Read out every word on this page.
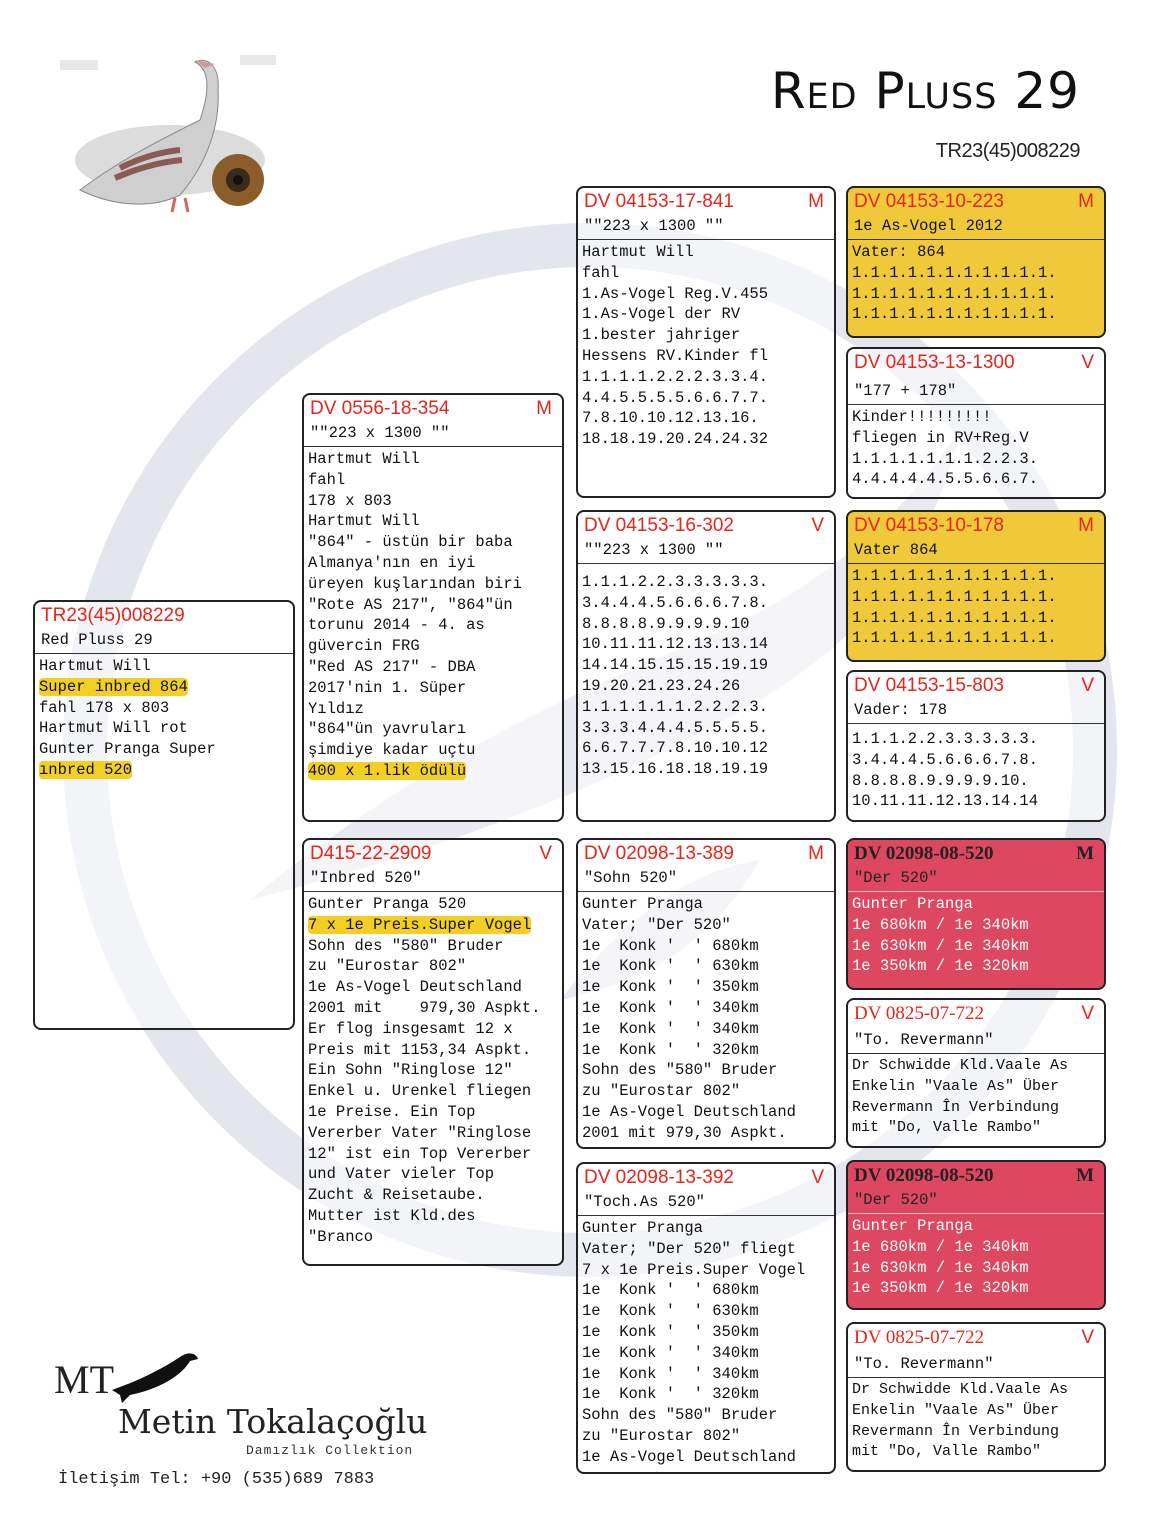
Red Pluss 29
TR23(45)008229
TR23(45)008229
Red Pluss 29
Hartmut Will
Super inbred 864
fahl 178 x 803
Hartmut Will rot
Gunter Pranga Super
ınbred 520
DV 0556-18-354	M
""223 x 1300 ""
Hartmut Will
fahl
178 x 803
Hartmut Will
"864" - üstün bir baba
Almanya'nın en iyi
üreyen kuşlarından biri
"Rote AS 217", "864"ün
torunu 2014 - 4. as
güvercin FRG
"Red AS 217" - DBA
2017'nin 1. Süper
Yıldız
"864"ün yavruları
şimdiye kadar uçtu
400 x 1.lik ödülü
D415-22-2909	V
"Inbred 520"
Gunter Pranga 520
7 x 1e Preis.Super Vogel
Sohn des "580" Bruder
zu "Eurostar 802"
1e As-Vogel Deutschland
2001 mit    979,30 Aspkt.
Er flog insgesamt 12 x
Preis mit 1153,34 Aspkt.
Ein Sohn "Ringlose 12"
Enkel u. Urenkel fliegen
1e Preise. Ein Top
Vererber Vater "Ringlose
12" ist ein Top Vererber
und Vater vieler Top
Zucht & Reisetaube.
Mutter ist Kld.des
"Branco
DV 04153-17-841	M
""223 x 1300 ""
Hartmut Will
fahl
1.As-Vogel Reg.V.455
1.As-Vogel der RV
1.bester jahriger
Hessens RV.Kinder fl
1.1.1.1.2.2.2.3.3.4.
4.4.5.5.5.5.6.6.7.7.
7.8.10.10.12.13.16.
18.18.19.20.24.24.32
DV 04153-16-302	V
""223 x 1300 ""
1.1.1.2.2.3.3.3.3.3.
3.4.4.4.5.6.6.6.7.8.
8.8.8.8.9.9.9.9.10
10.11.11.12.13.13.14
14.14.15.15.15.19.19
19.20.21.23.24.26
1.1.1.1.1.1.2.2.2.3.
3.3.3.4.4.4.5.5.5.5.
6.6.7.7.7.8.10.10.12
13.15.16.18.18.19.19
DV 02098-13-389	M
"Sohn 520"
Gunter Pranga
Vater; "Der 520"
1e  Konk '  ' 680km
1e  Konk '  ' 630km
1e  Konk '  ' 350km
1e  Konk '  ' 340km
1e  Konk '  ' 340km
1e  Konk '  ' 320km
Sohn des "580" Bruder
zu "Eurostar 802"
1e As-Vogel Deutschland
2001 mit 979,30 Aspkt.
DV 02098-13-392	V
"Toch.As 520"
Gunter Pranga
Vater; "Der 520" fliegt
7 x 1e Preis.Super Vogel
1e  Konk '  ' 680km
1e  Konk '  ' 630km
1e  Konk '  ' 350km
1e  Konk '  ' 340km
1e  Konk '  ' 340km
1e  Konk '  ' 320km
Sohn des "580" Bruder
zu "Eurostar 802"
1e As-Vogel Deutschland
DV 04153-10-223	M
1e As-Vogel 2012
Vater: 864
1.1.1.1.1.1.1.1.1.1.1.
1.1.1.1.1.1.1.1.1.1.1.
1.1.1.1.1.1.1.1.1.1.1.
DV 04153-13-1300	V
"177 + 178"
Kinder!!!!!!!!!
fliegen in RV+Reg.V
1.1.1.1.1.1.1.2.2.3.
4.4.4.4.4.5.5.6.6.7.
DV 04153-10-178	M
Vater 864
1.1.1.1.1.1.1.1.1.1.1.
1.1.1.1.1.1.1.1.1.1.1.
1.1.1.1.1.1.1.1.1.1.1.
1.1.1.1.1.1.1.1.1.1.1.
DV 04153-15-803	V
Vader: 178
1.1.1.2.2.3.3.3.3.3.
3.4.4.4.5.6.6.6.7.8.
8.8.8.8.9.9.9.9.10.
10.11.11.12.13.14.14
DV 02098-08-520	M
"Der 520"
Gunter Pranga
1e 680km / 1e 340km
1e 630km / 1e 340km
1e 350km / 1e 320km
DV 0825-07-722	V
"To. Revermann"
Dr Schwidde Kld.Vaale As
Enkelin "Vaale As" Über
Revermann În Verbindung
mit "Do, Valle Rambo"
DV 02098-08-520	M
"Der 520"
Gunter Pranga
1e 680km / 1e 340km
1e 630km / 1e 340km
1e 350km / 1e 320km
DV 0825-07-722	V
"To. Revermann"
Dr Schwidde Kld.Vaale As
Enkelin "Vaale As" Über
Revermann În Verbindung
mit "Do, Valle Rambo"
MT
Metin Tokalaçoğlu
Damızlık Collektion
İletişim Tel: +90 (535)689 7883
